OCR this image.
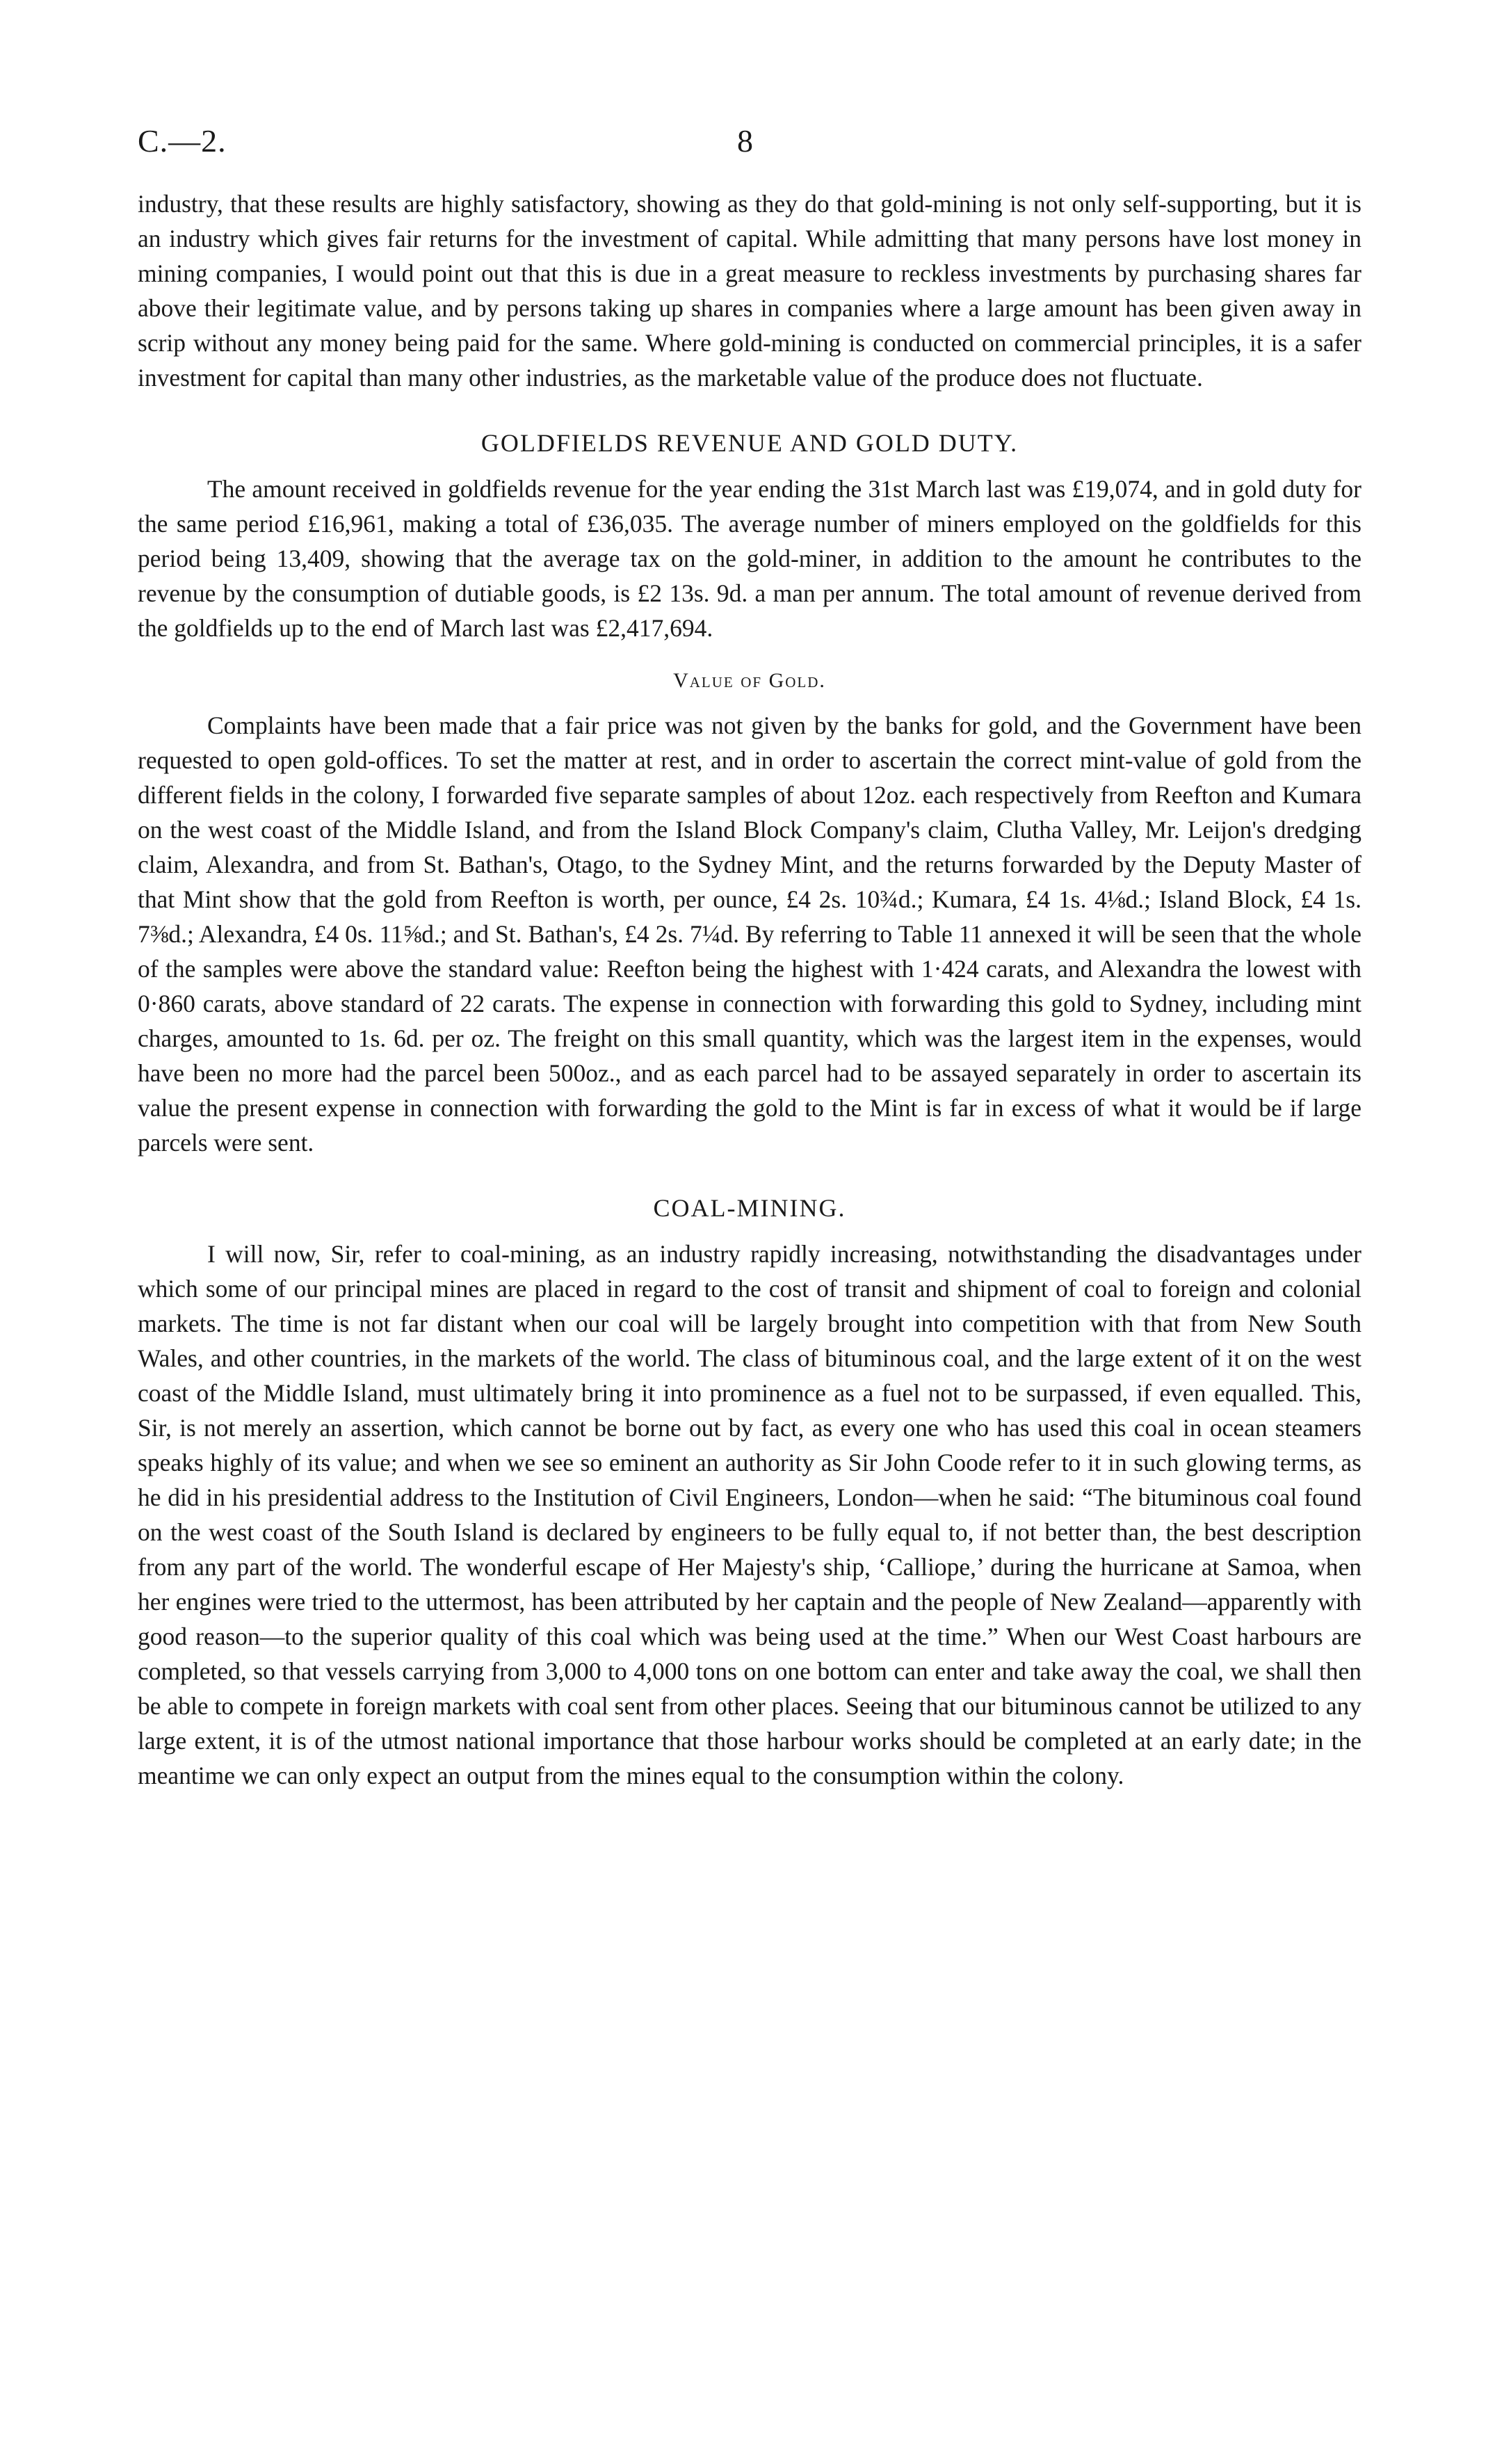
C.—2.	8

industry, that these results are highly satisfactory, showing as they do that gold-mining is not only self-supporting, but it is an industry which gives fair returns for the investment of capital. While admitting that many persons have lost money in mining companies, I would point out that this is due in a great measure to reckless investments by purchasing shares far above their legitimate value, and by persons taking up shares in companies where a large amount has been given away in scrip without any money being paid for the same. Where gold-mining is conducted on commercial principles, it is a safer investment for capital than many other industries, as the marketable value of the produce does not fluctuate.

GOLDFIELDS REVENUE AND GOLD DUTY.

The amount received in goldfields revenue for the year ending the 31st March last was £19,074, and in gold duty for the same period £16,961, making a total of £36,035. The average number of miners employed on the goldfields for this period being 13,409, showing that the average tax on the gold-miner, in addition to the amount he contributes to the revenue by the consumption of dutiable goods, is £2 13s. 9d. a man per annum. The total amount of revenue derived from the goldfields up to the end of March last was £2,417,694.

Value of Gold.

Complaints have been made that a fair price was not given by the banks for gold, and the Government have been requested to open gold-offices. To set the matter at rest, and in order to ascertain the correct mint-value of gold from the different fields in the colony, I forwarded five separate samples of about 12oz. each respectively from Reefton and Kumara on the west coast of the Middle Island, and from the Island Block Company's claim, Clutha Valley, Mr. Leijon's dredging claim, Alexandra, and from St. Bathan's, Otago, to the Sydney Mint, and the returns forwarded by the Deputy Master of that Mint show that the gold from Reefton is worth, per ounce, £4 2s. 10¾d.; Kumara, £4 1s. 4⅛d.; Island Block, £4 1s. 7⅜d.; Alexandra, £4 0s. 11⅝d.; and St. Bathan's, £4 2s. 7¼d. By referring to Table 11 annexed it will be seen that the whole of the samples were above the standard value: Reefton being the highest with 1·424 carats, and Alexandra the lowest with 0·860 carats, above standard of 22 carats. The expense in connection with forwarding this gold to Sydney, including mint charges, amounted to 1s. 6d. per oz. The freight on this small quantity, which was the largest item in the expenses, would have been no more had the parcel been 500oz., and as each parcel had to be assayed separately in order to ascertain its value the present expense in connection with forwarding the gold to the Mint is far in excess of what it would be if large parcels were sent.

COAL-MINING.

I will now, Sir, refer to coal-mining, as an industry rapidly increasing, notwithstanding the disadvantages under which some of our principal mines are placed in regard to the cost of transit and shipment of coal to foreign and colonial markets. The time is not far distant when our coal will be largely brought into competition with that from New South Wales, and other countries, in the markets of the world. The class of bituminous coal, and the large extent of it on the west coast of the Middle Island, must ultimately bring it into prominence as a fuel not to be surpassed, if even equalled. This, Sir, is not merely an assertion, which cannot be borne out by fact, as every one who has used this coal in ocean steamers speaks highly of its value; and when we see so eminent an authority as Sir John Coode refer to it in such glowing terms, as he did in his presidential address to the Institution of Civil Engineers, London—when he said: “The bituminous coal found on the west coast of the South Island is declared by engineers to be fully equal to, if not better than, the best description from any part of the world. The wonderful escape of Her Majesty's ship, ‘Calliope,’ during the hurricane at Samoa, when her engines were tried to the uttermost, has been attributed by her captain and the people of New Zealand—apparently with good reason—to the superior quality of this coal which was being used at the time.” When our West Coast harbours are completed, so that vessels carrying from 3,000 to 4,000 tons on one bottom can enter and take away the coal, we shall then be able to compete in foreign markets with coal sent from other places. Seeing that our bituminous cannot be utilized to any large extent, it is of the utmost national importance that those harbour works should be completed at an early date; in the meantime we can only expect an output from the mines equal to the consumption within the colony.
